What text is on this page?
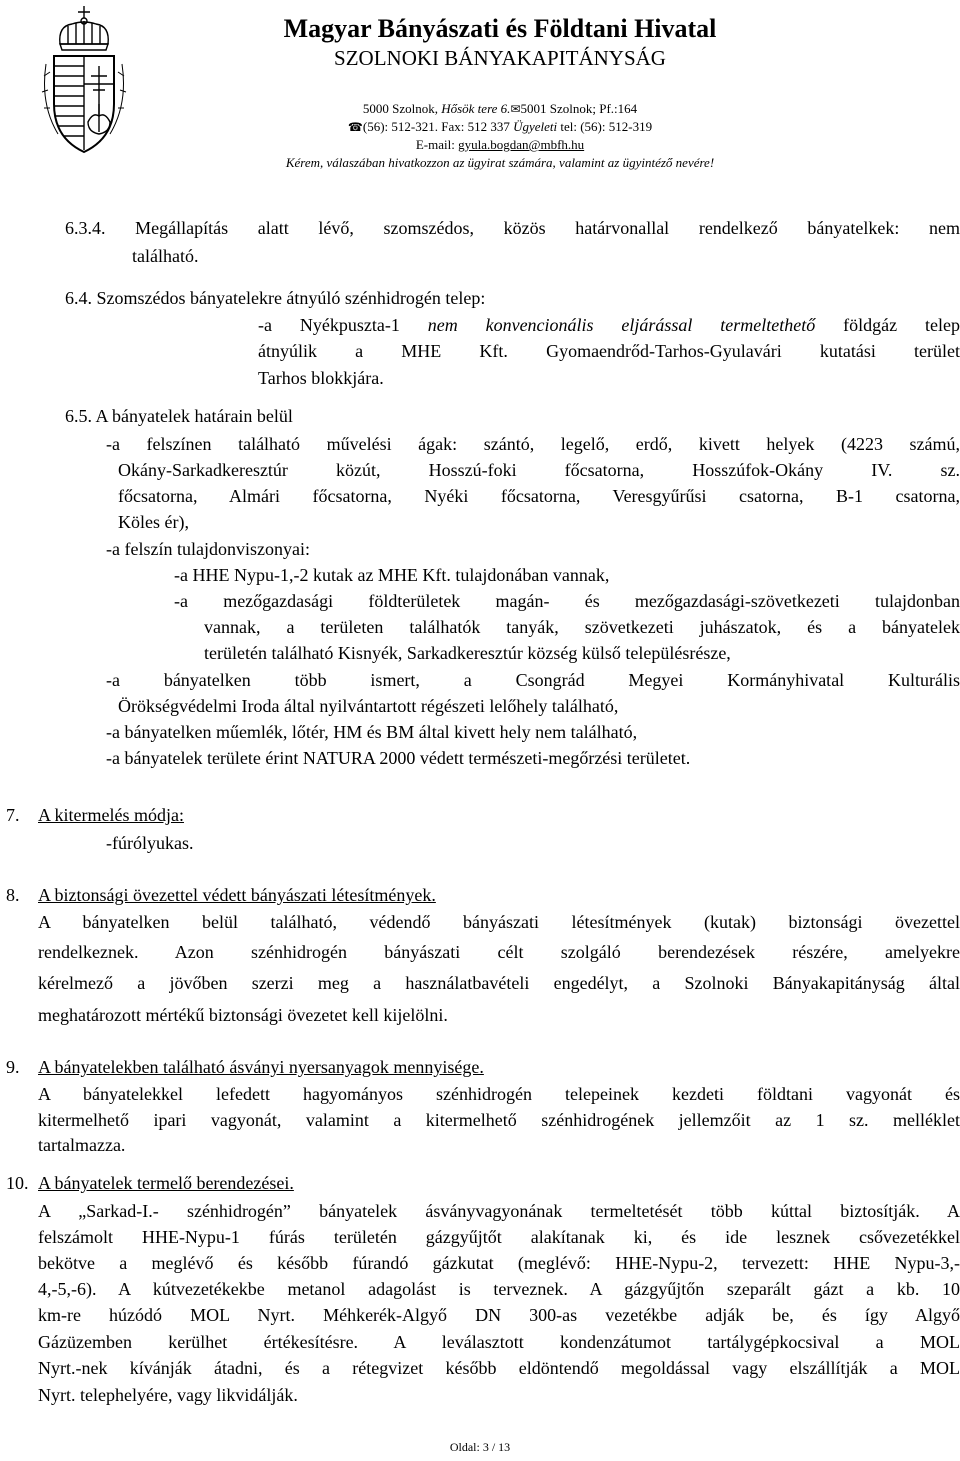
Magyar Bányászati és Földtani Hivatal
SZOLNOKI BÁNYAKAPITÁNYSÁG
5000 Szolnok, Hősök tere 6.✉5001 Szolnok; Pf.:164
☎(56): 512-321. Fax: 512 337 Ügyeleti tel: (56): 512-319
E-mail: gyula.bogdan@mbfh.hu
Kérem, válaszában hivatkozzon az ügyirat számára, valamint az ügyintéző nevére!
6.3.4. Megállapítás alatt lévő, szomszédos, közös határvonallal rendelkező bányatelkek: nem
található.
6.4. Szomszédos bányatelekre átnyúló szénhidrogén telep:
-a Nyékpuszta-1 nem konvencionális eljárással termeltethető földgáz telep
átnyúlik a MHE Kft. Gyomaendrőd-Tarhos-Gyulavári kutatási terület
Tarhos blokkjára.
6.5. A bányatelek határain belül
-a felszínen található művelési ágak: szántó, legelő, erdő, kivett helyek (4223 számú,
Okány-Sarkadkeresztúr közút, Hosszú-foki főcsatorna, Hosszúfok-Okány IV. sz.
főcsatorna, Almári főcsatorna, Nyéki főcsatorna, Veresgyűrűsi csatorna, B-1 csatorna,
Köles ér),
-a felszín tulajdonviszonyai:
-a HHE Nypu-1,-2 kutak az MHE Kft. tulajdonában vannak,
-a mezőgazdasági földterületek magán- és mezőgazdasági-szövetkezeti tulajdonban
vannak, a területen találhatók tanyák, szövetkezeti juhászatok, és a bányatelek
területén található Kisnyék, Sarkadkeresztúr község külső településrésze,
-a bányatelken több ismert, a Csongrád Megyei Kormányhivatal Kulturális
Örökségvédelmi Iroda által nyilvántartott régészeti lelőhely található,
-a bányatelken műemlék, lőtér, HM és BM által kivett hely nem található,
-a bányatelek területe érint NATURA 2000 védett természeti-megőrzési területet.
7. A kitermelés módja:
-fúrólyukas.
8. A biztonsági övezettel védett bányászati létesítmények.
A bányatelken belül található, védendő bányászati létesítmények (kutak) biztonsági övezettel
rendelkeznek. Azon szénhidrogén bányászati célt szolgáló berendezések részére, amelyekre
kérelmező a jövőben szerzi meg a használatbavételi engedélyt, a Szolnoki Bányakapitányság által
meghatározott mértékű biztonsági övezetet kell kijelölni.
9. A bányatelekben található ásványi nyersanyagok mennyisége.
A bányatelekkel lefedett hagyományos szénhidrogén telepeinek kezdeti földtani vagyonát és
kitermelhető ipari vagyonát, valamint a kitermelhető szénhidrogének jellemzőit az 1 sz. melléklet
tartalmazza.
10. A bányatelek termelő berendezései.
A „Sarkad-I.- szénhidrogén” bányatelek ásványvagyonának termeltetését több kúttal biztosítják. A
felszámolt HHE-Nypu-1 fúrás területén gázgyűjtőt alakítanak ki, és ide lesznek csővezetékkel
bekötve a meglévő és később fúrandó gázkutat (meglévő: HHE-Nypu-2, tervezett: HHE Nypu-3,-
4,-5,-6). A kútvezetékekbe metanol adagolást is terveznek. A gázgyűjtőn szeparált gázt a kb. 10
km-re húzódó MOL Nyrt. Méhkerék-Algyő DN 300-as vezetékbe adják be, és így Algyő
Gázüzemben kerülhet értékesítésre. A leválasztott kondenzátumot tartálygépkocsival a MOL
Nyrt.-nek kívánják átadni, és a rétegvizet később eldöntendő megoldással vagy elszállítják a MOL
Nyrt. telephelyére, vagy likvidálják.
Oldal: 3 / 13
